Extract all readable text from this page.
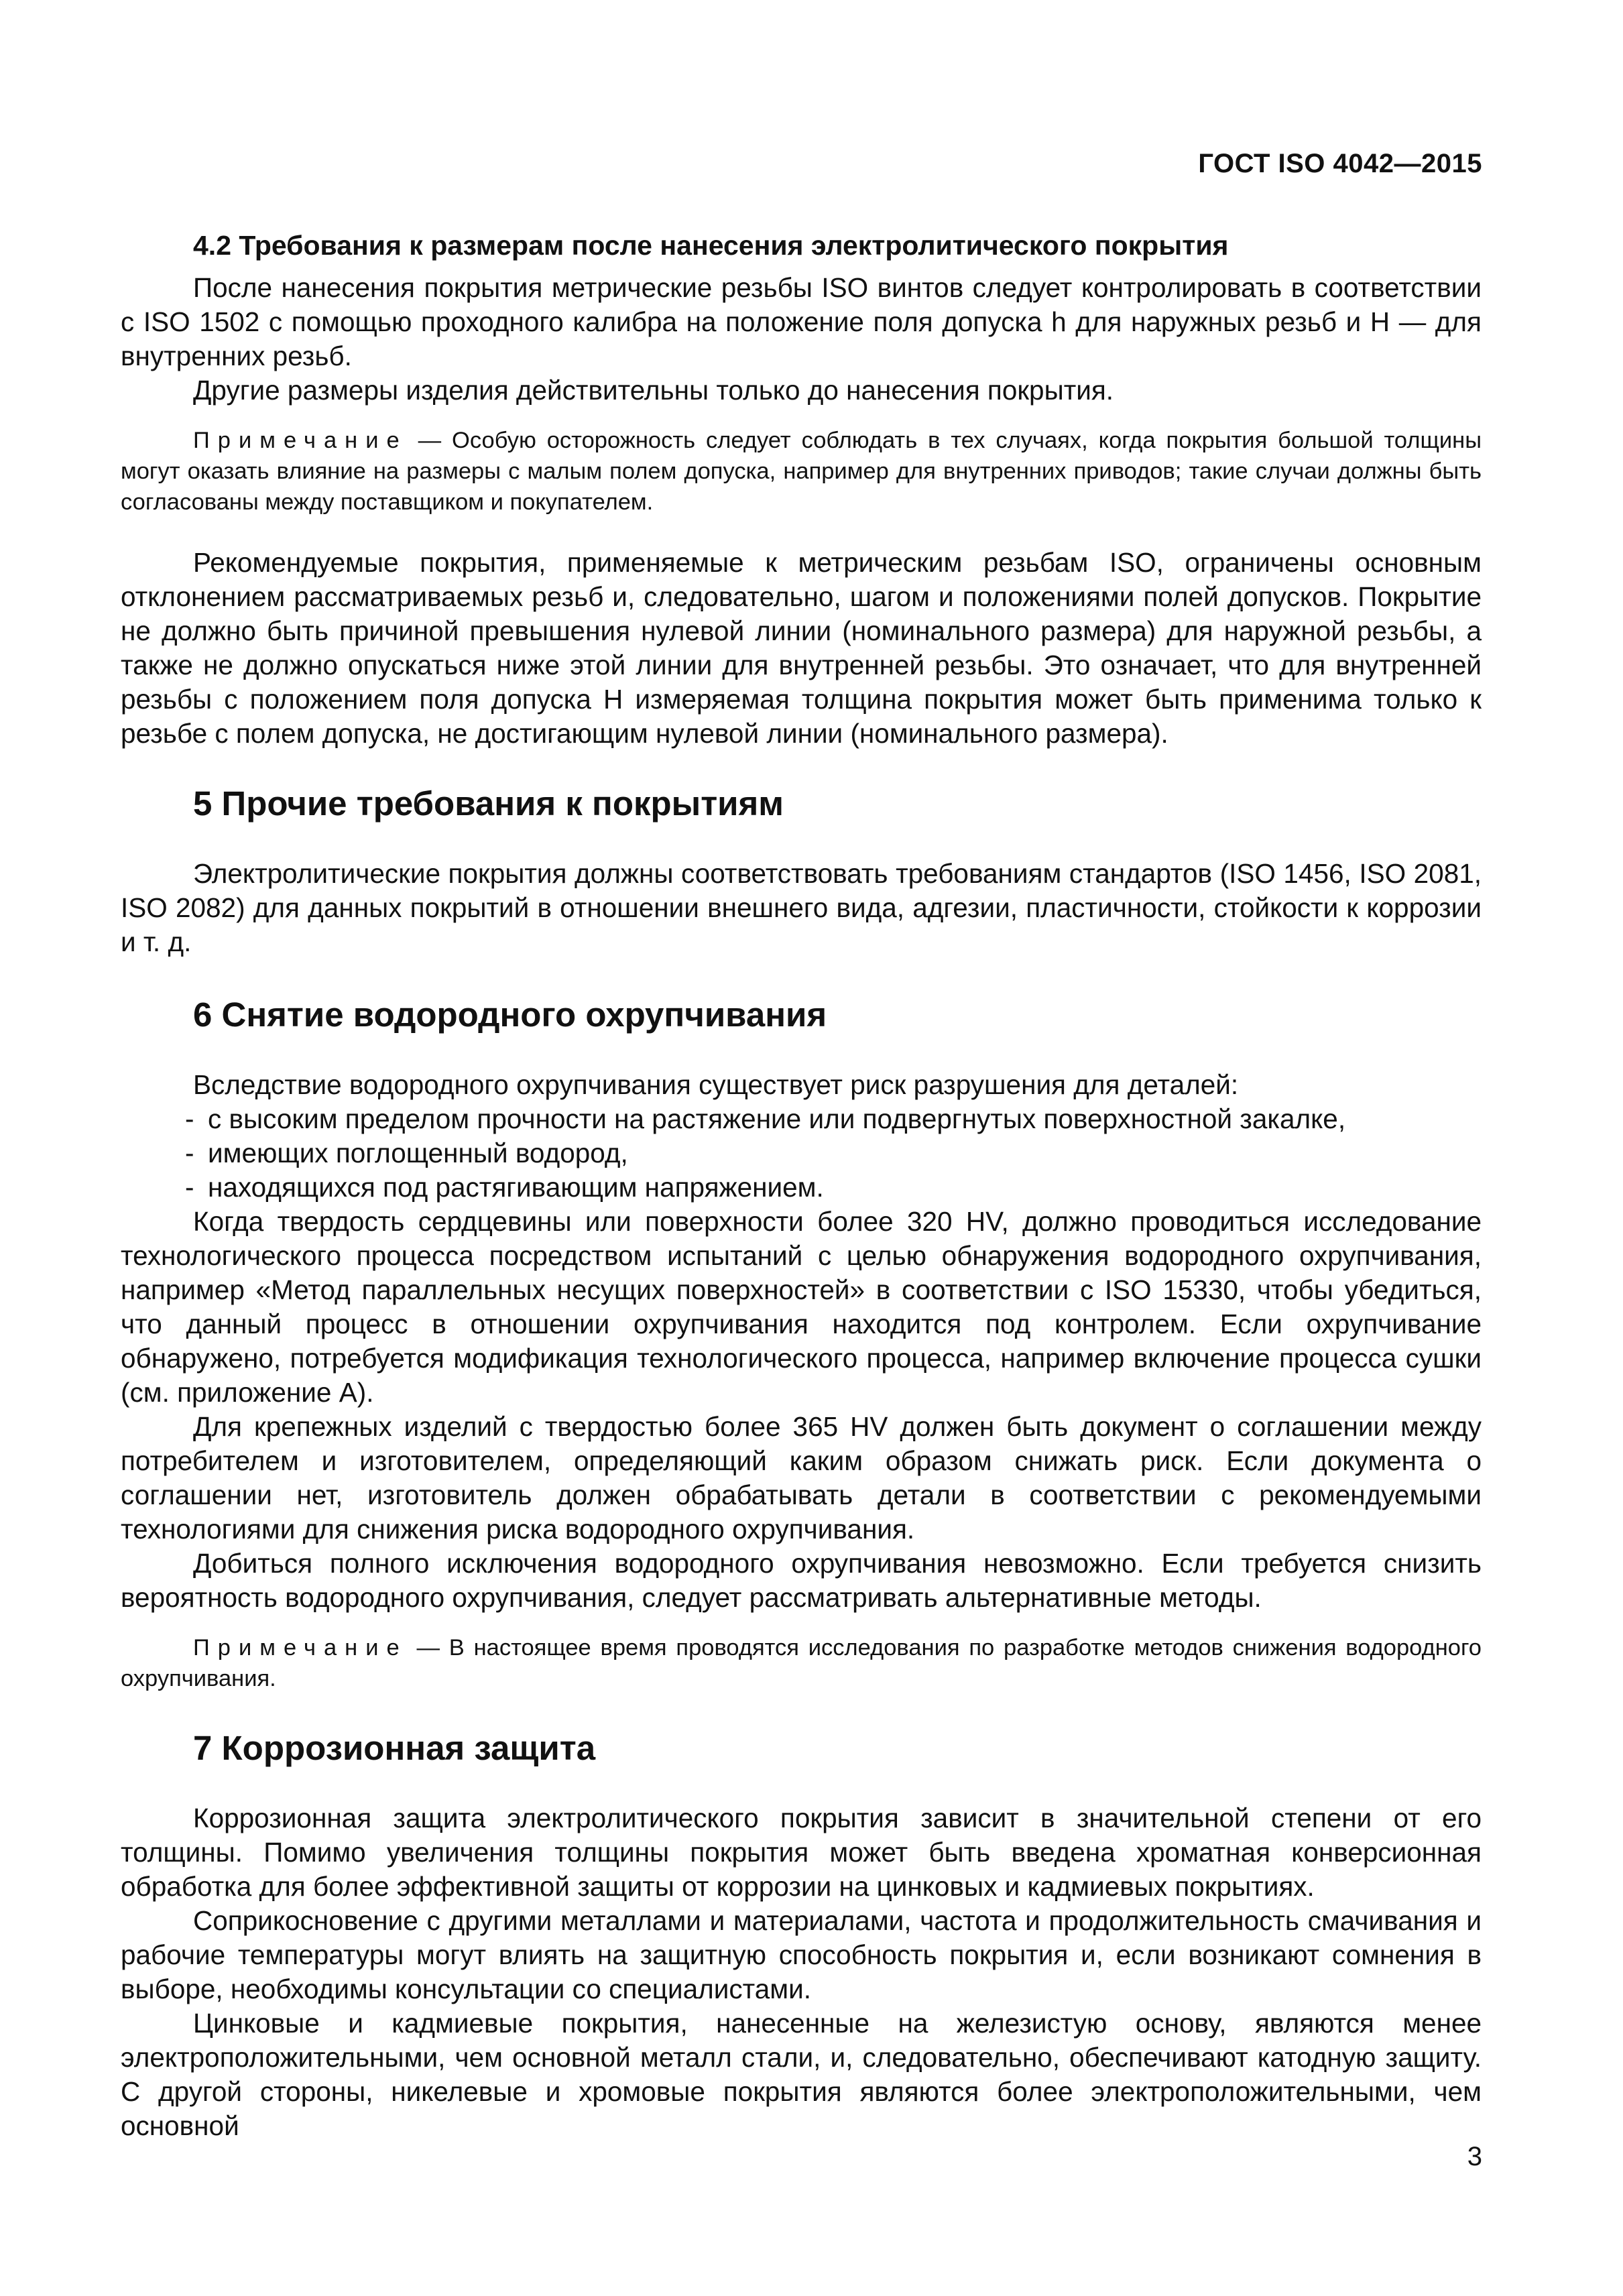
ГОСТ ISO 4042—2015
4.2 Требования к размерам после нанесения электролитического покрытия

После нанесения покрытия метрические резьбы ISO винтов следует контролировать в соответствии с ISO 1502 с помощью проходного калибра на положение поля допуска h для наружных резьб и H — для внутренних резьб.

Другие размеры изделия действительны только до нанесения покрытия.

Примечание — Особую осторожность следует соблюдать в тех случаях, когда покрытия большой толщины могут оказать влияние на размеры с малым полем допуска, например для внутренних приводов; такие случаи должны быть согласованы между поставщиком и покупателем.

Рекомендуемые покрытия, применяемые к метрическим резьбам ISO, ограничены основным отклонением рассматриваемых резьб и, следовательно, шагом и положениями полей допусков. Покрытие не должно быть причиной превышения нулевой линии (номинального размера) для наружной резьбы, а также не должно опускаться ниже этой линии для внутренней резьбы. Это означает, что для внутренней резьбы с положением поля допуска H измеряемая толщина покрытия может быть применима только к резьбе с полем допуска, не достигающим нулевой линии (номинального размера).

5 Прочие требования к покрытиям

Электролитические покрытия должны соответствовать требованиям стандартов (ISO 1456, ISO 2081, ISO 2082) для данных покрытий в отношении внешнего вида, адгезии, пластичности, стойкости к коррозии и т. д.

6 Снятие водородного охрупчивания

Вследствие водородного охрупчивания существует риск разрушения для деталей:

- с высоким пределом прочности на растяжение или подвергнутых поверхностной закалке,
- имеющих поглощенный водород,
- находящихся под растягивающим напряжением.

Когда твердость сердцевины или поверхности более 320 HV, должно проводиться исследование технологического процесса посредством испытаний с целью обнаружения водородного охрупчивания, например «Метод параллельных несущих поверхностей» в соответствии с ISO 15330, чтобы убедиться, что данный процесс в отношении охрупчивания находится под контролем. Если охрупчивание обнаружено, потребуется модификация технологического процесса, например включение процесса сушки (см. приложение А).

Для крепежных изделий с твердостью более 365 HV должен быть документ о соглашении между потребителем и изготовителем, определяющий каким образом снижать риск. Если документа о соглашении нет, изготовитель должен обрабатывать детали в соответствии с рекомендуемыми технологиями для снижения риска водородного охрупчивания.

Добиться полного исключения водородного охрупчивания невозможно. Если требуется снизить вероятность водородного охрупчивания, следует рассматривать альтернативные методы.

Примечание — В настоящее время проводятся исследования по разработке методов снижения водородного охрупчивания.

7 Коррозионная защита

Коррозионная защита электролитического покрытия зависит в значительной степени от его толщины. Помимо увеличения толщины покрытия может быть введена хроматная конверсионная обработка для более эффективной защиты от коррозии на цинковых и кадмиевых покрытиях.

Соприкосновение с другими металлами и материалами, частота и продолжительность смачивания и рабочие температуры могут влиять на защитную способность покрытия и, если возникают сомнения в выборе, необходимы консультации со специалистами.

Цинковые и кадмиевые покрытия, нанесенные на железистую основу, являются менее электроположительными, чем основной металл стали, и, следовательно, обеспечивают катодную защиту. С другой стороны, никелевые и хромовые покрытия являются более электроположительными, чем основной

3
